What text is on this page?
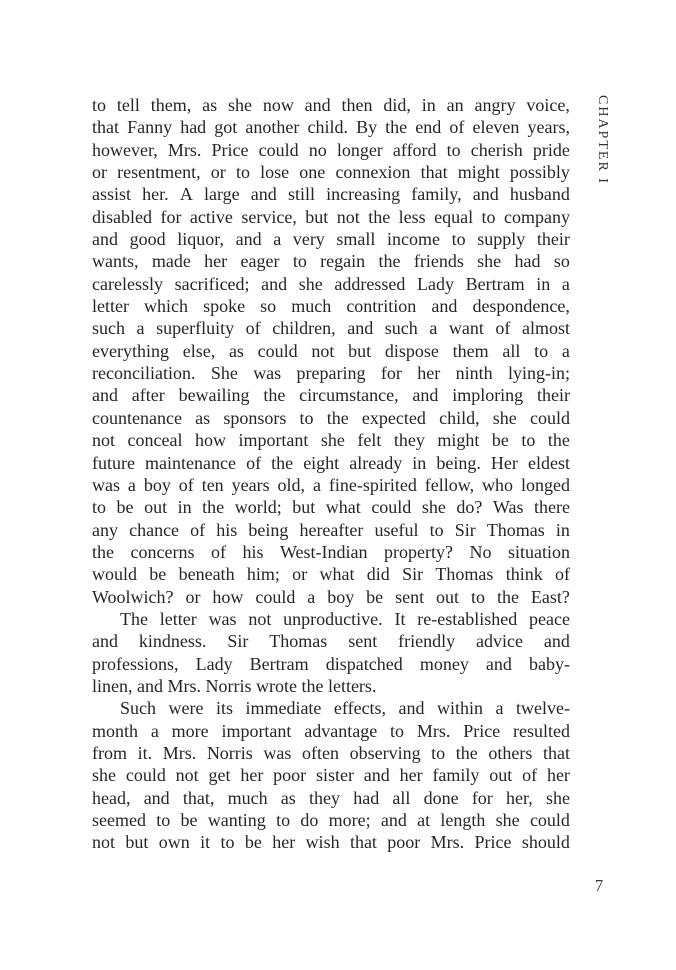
CHAPTER I
to tell them, as she now and then did, in an angry voice,
that Fanny had got another child. By the end of eleven years,
however, Mrs. Price could no longer afford to cherish pride
or resentment, or to lose one connexion that might possibly
assist her. A large and still increasing family, and husband
disabled for active service, but not the less equal to company
and good liquor, and a very small income to supply their
wants, made her eager to regain the friends she had so
carelessly sacrificed; and she addressed Lady Bertram in a
letter which spoke so much contrition and despondence,
such a superfluity of children, and such a want of almost
everything else, as could not but dispose them all to a
reconciliation. She was preparing for her ninth lying-in;
and after bewailing the circumstance, and imploring their
countenance as sponsors to the expected child, she could
not conceal how important she felt they might be to the
future maintenance of the eight already in being. Her eldest
was a boy of ten years old, a fine-spirited fellow, who longed
to be out in the world; but what could she do? Was there
any chance of his being hereafter useful to Sir Thomas in
the concerns of his West-Indian property? No situation
would be beneath him; or what did Sir Thomas think of
Woolwich? or how could a boy be sent out to the East?
The letter was not unproductive. It re-established peace
and kindness. Sir Thomas sent friendly advice and
professions, Lady Bertram dispatched money and baby-
linen, and Mrs. Norris wrote the letters.
Such were its immediate effects, and within a twelve-
month a more important advantage to Mrs. Price resulted
from it. Mrs. Norris was often observing to the others that
she could not get her poor sister and her family out of her
head, and that, much as they had all done for her, she
seemed to be wanting to do more; and at length she could
not but own it to be her wish that poor Mrs. Price should
7
